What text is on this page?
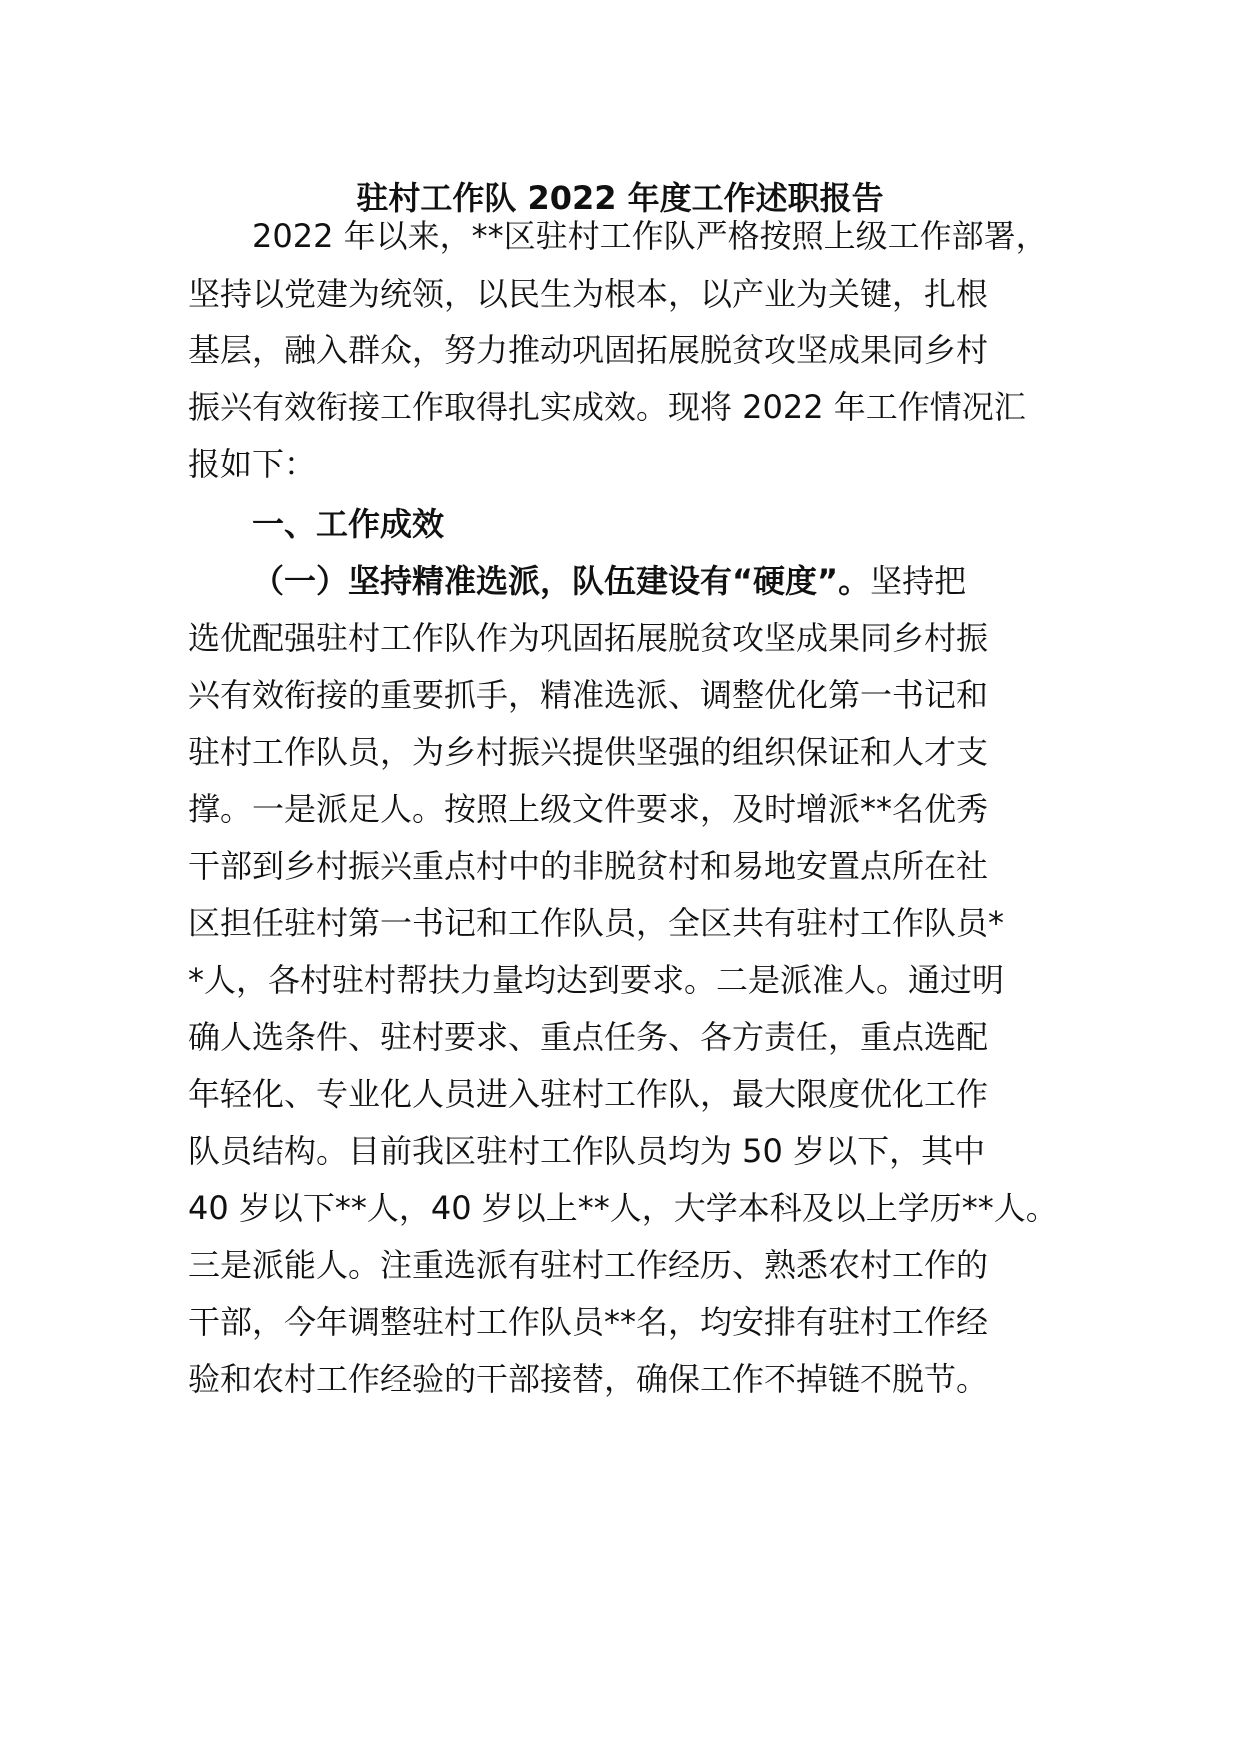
驻村工作队 2022 年度工作述职报告
2022 年以来，**区驻村工作队严格按照上级工作部署，
坚持以党建为统领，以民生为根本，以产业为关键，扎根
基层，融入群众，努力推动巩固拓展脱贫攻坚成果同乡村
振兴有效衔接工作取得扎实成效。现将 2022 年工作情况汇
报如下：
一、工作成效
（一）坚持精准选派，队伍建设有“硬度”。坚持把
选优配强驻村工作队作为巩固拓展脱贫攻坚成果同乡村振
兴有效衔接的重要抓手，精准选派、调整优化第一书记和
驻村工作队员，为乡村振兴提供坚强的组织保证和人才支
撑。一是派足人。按照上级文件要求，及时增派**名优秀
干部到乡村振兴重点村中的非脱贫村和易地安置点所在社
区担任驻村第一书记和工作队员，全区共有驻村工作队员*
*人，各村驻村帮扶力量均达到要求。二是派准人。通过明
确人选条件、驻村要求、重点任务、各方责任，重点选配
年轻化、专业化人员进入驻村工作队，最大限度优化工作
队员结构。目前我区驻村工作队员均为 50 岁以下，其中
40 岁以下**人，40 岁以上**人，大学本科及以上学历**人。
三是派能人。注重选派有驻村工作经历、熟悉农村工作的
干部，今年调整驻村工作队员**名，均安排有驻村工作经
验和农村工作经验的干部接替，确保工作不掉链不脱节。
